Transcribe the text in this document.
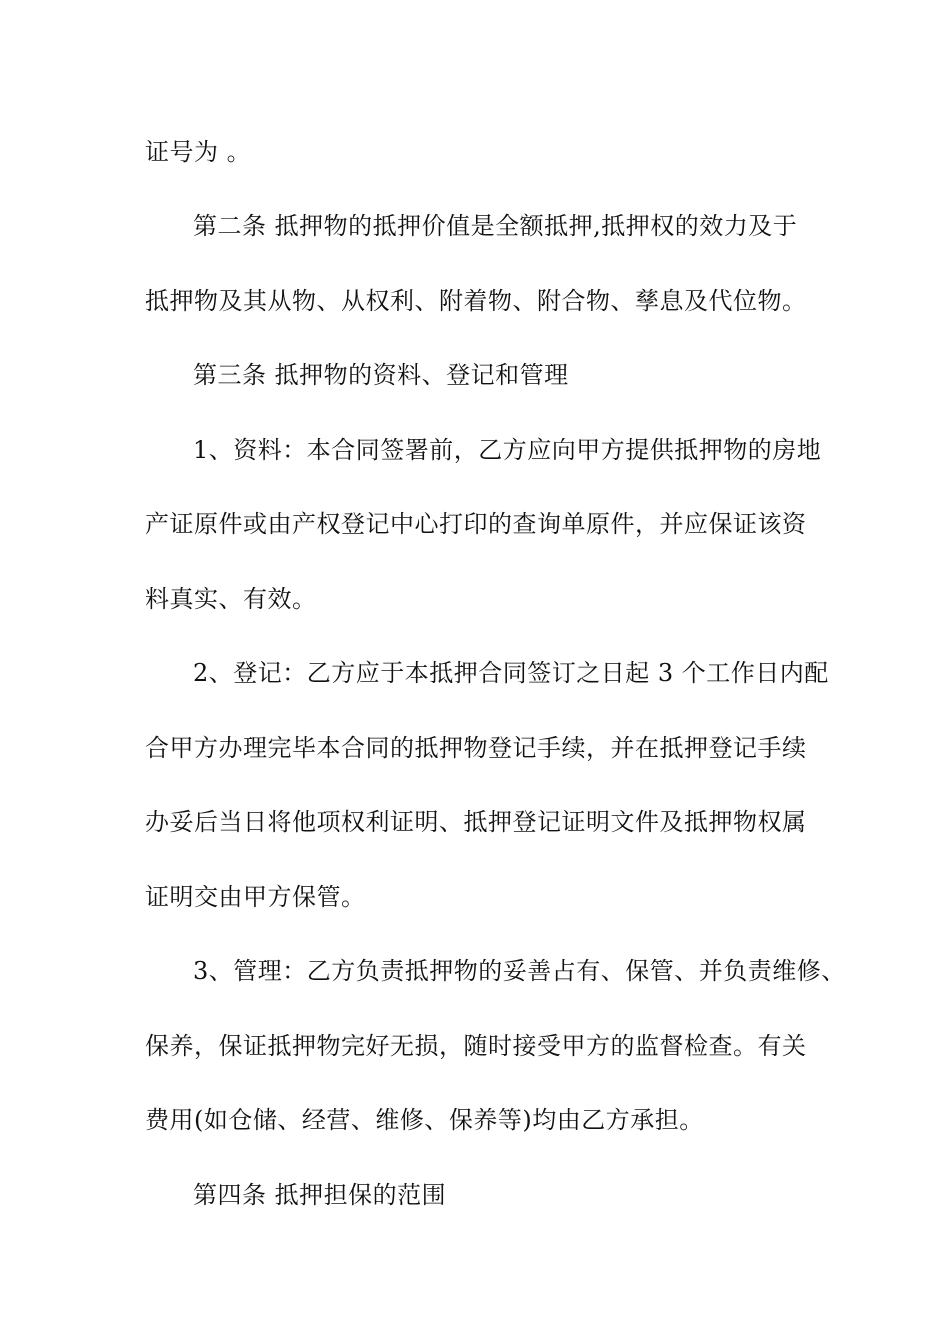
证号为 。
第二条 抵押物的抵押价值是全额抵押,抵押权的效力及于
抵押物及其从物、从权利、附着物、附合物、孳息及代位物。
第三条 抵押物的资料、登记和管理
1、资料：本合同签署前，乙方应向甲方提供抵押物的房地
产证原件或由产权登记中心打印的查询单原件，并应保证该资
料真实、有效。
2、登记：乙方应于本抵押合同签订之日起 3 个工作日内配
合甲方办理完毕本合同的抵押物登记手续，并在抵押登记手续
办妥后当日将他项权利证明、抵押登记证明文件及抵押物权属
证明交由甲方保管。
3、管理：乙方负责抵押物的妥善占有、保管、并负责维修、
保养，保证抵押物完好无损，随时接受甲方的监督检查。有关
费用(如仓储、经营、维修、保养等)均由乙方承担。
第四条 抵押担保的范围
